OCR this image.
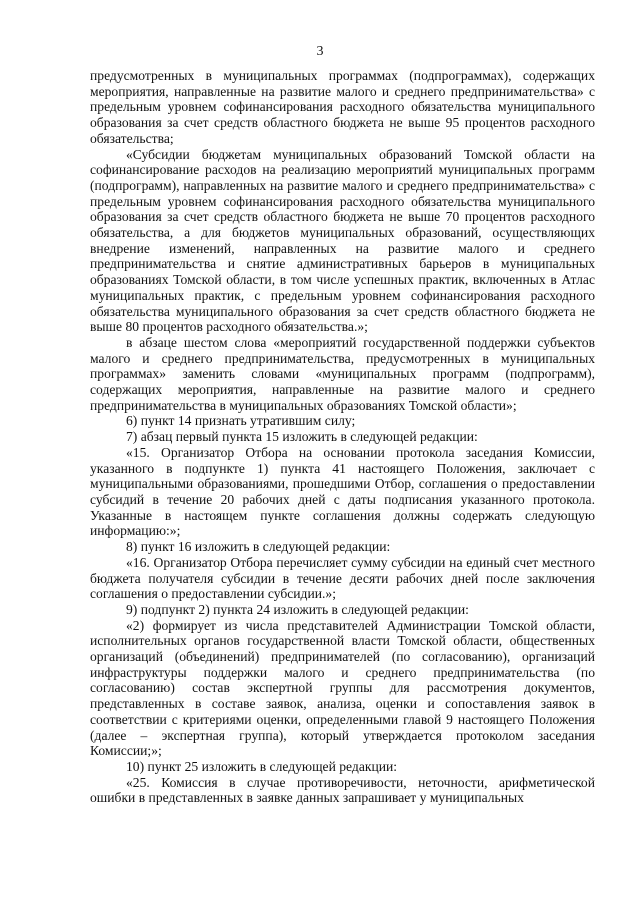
3

предусмотренных в муниципальных программах (подпрограммах), содержащих мероприятия, направленные на развитие малого и среднего предпринимательства» с предельным уровнем софинансирования расходного обязательства муниципального образования за счет средств областного бюджета не выше 95 процентов расходного обязательства;

«Субсидии бюджетам муниципальных образований Томской области на софинансирование расходов на реализацию мероприятий муниципальных программ (подпрограмм), направленных на развитие малого и среднего предпринимательства» с предельным уровнем софинансирования расходного обязательства муниципального образования за счет средств областного бюджета не выше 70 процентов расходного обязательства, а для бюджетов муниципальных образований, осуществляющих внедрение изменений, направленных на развитие малого и среднего предпринимательства и снятие административных барьеров в муниципальных образованиях Томской области, в том числе успешных практик, включенных в Атлас муниципальных практик, с предельным уровнем софинансирования расходного обязательства муниципального образования за счет средств областного бюджета не выше 80 процентов расходного обязательства.»;

в абзаце шестом слова «мероприятий государственной поддержки субъектов малого и среднего предпринимательства, предусмотренных в муниципальных программах» заменить словами «муниципальных программ (подпрограмм), содержащих мероприятия, направленные на развитие малого и среднего предпринимательства в муниципальных образованиях Томской области»;

6) пункт 14 признать утратившим силу;

7) абзац первый пункта 15 изложить в следующей редакции:

«15. Организатор Отбора на основании протокола заседания Комиссии, указанного в подпункте 1) пункта 41 настоящего Положения, заключает с муниципальными образованиями, прошедшими Отбор, соглашения о предоставлении субсидий в течение 20 рабочих дней с даты подписания указанного протокола. Указанные в настоящем пункте соглашения должны содержать следующую информацию:»;

8) пункт 16 изложить в следующей редакции:

«16. Организатор Отбора перечисляет сумму субсидии на единый счет местного бюджета получателя субсидии в течение десяти рабочих дней после заключения соглашения о предоставлении субсидии.»;

9) подпункт 2) пункта 24 изложить в следующей редакции:

«2) формирует из числа представителей Администрации Томской области, исполнительных органов государственной власти Томской области, общественных организаций (объединений) предпринимателей (по согласованию), организаций инфраструктуры поддержки малого и среднего предпринимательства (по согласованию) состав экспертной группы для рассмотрения документов, представленных в составе заявок, анализа, оценки и сопоставления заявок в соответствии с критериями оценки, определенными главой 9 настоящего Положения (далее – экспертная группа), который утверждается протоколом заседания Комиссии;»;

10) пункт 25 изложить в следующей редакции:

«25. Комиссия в случае противоречивости, неточности, арифметической ошибки в представленных в заявке данных запрашивает у муниципальных
